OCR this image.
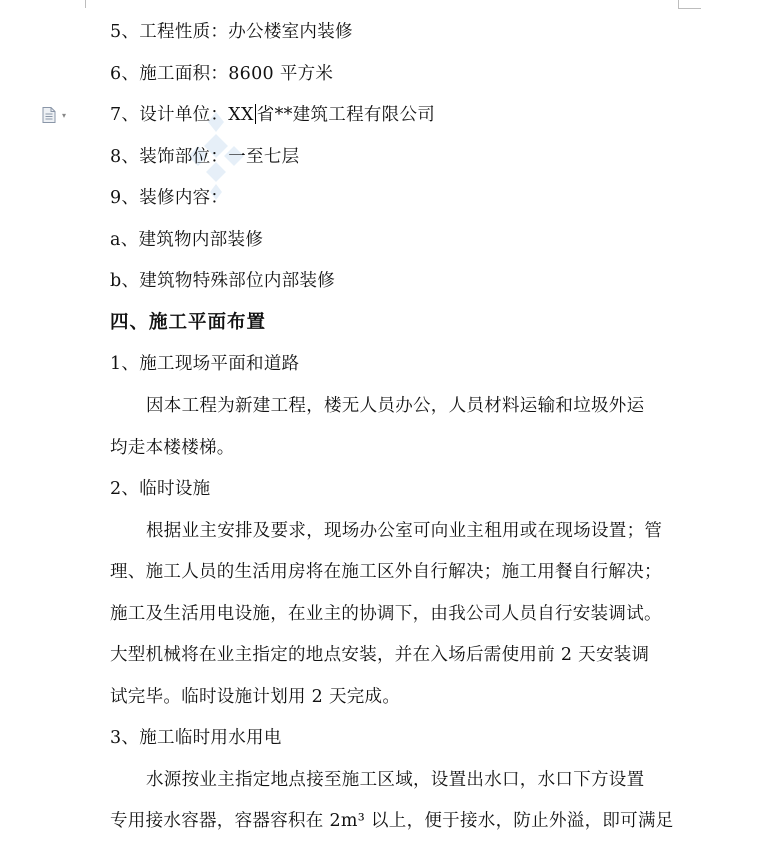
▾
5、工程性质：办公楼室内装修
6、施工面积：8600 平方米
7、设计单位：XX 省**建筑工程有限公司
8、装饰部位：一至七层
9、装修内容：
a、建筑物内部装修
b、建筑物特殊部位内部装修
四、施工平面布置
1、施工现场平面和道路
因本工程为新建工程，楼无人员办公，人员材料运输和垃圾外运
均走本楼楼梯。
2、临时设施
根据业主安排及要求，现场办公室可向业主租用或在现场设置；管
理、施工人员的生活用房将在施工区外自行解决；施工用餐自行解决；
施工及生活用电设施，在业主的协调下，由我公司人员自行安装调试。
大型机械将在业主指定的地点安装，并在入场后需使用前 2 天安装调
试完毕。临时设施计划用 2 天完成。
3、施工临时用水用电
水源按业主指定地点接至施工区域，设置出水口，水口下方设置
专用接水容器，容器容积在 2m³ 以上，便于接水，防止外溢，即可满足
